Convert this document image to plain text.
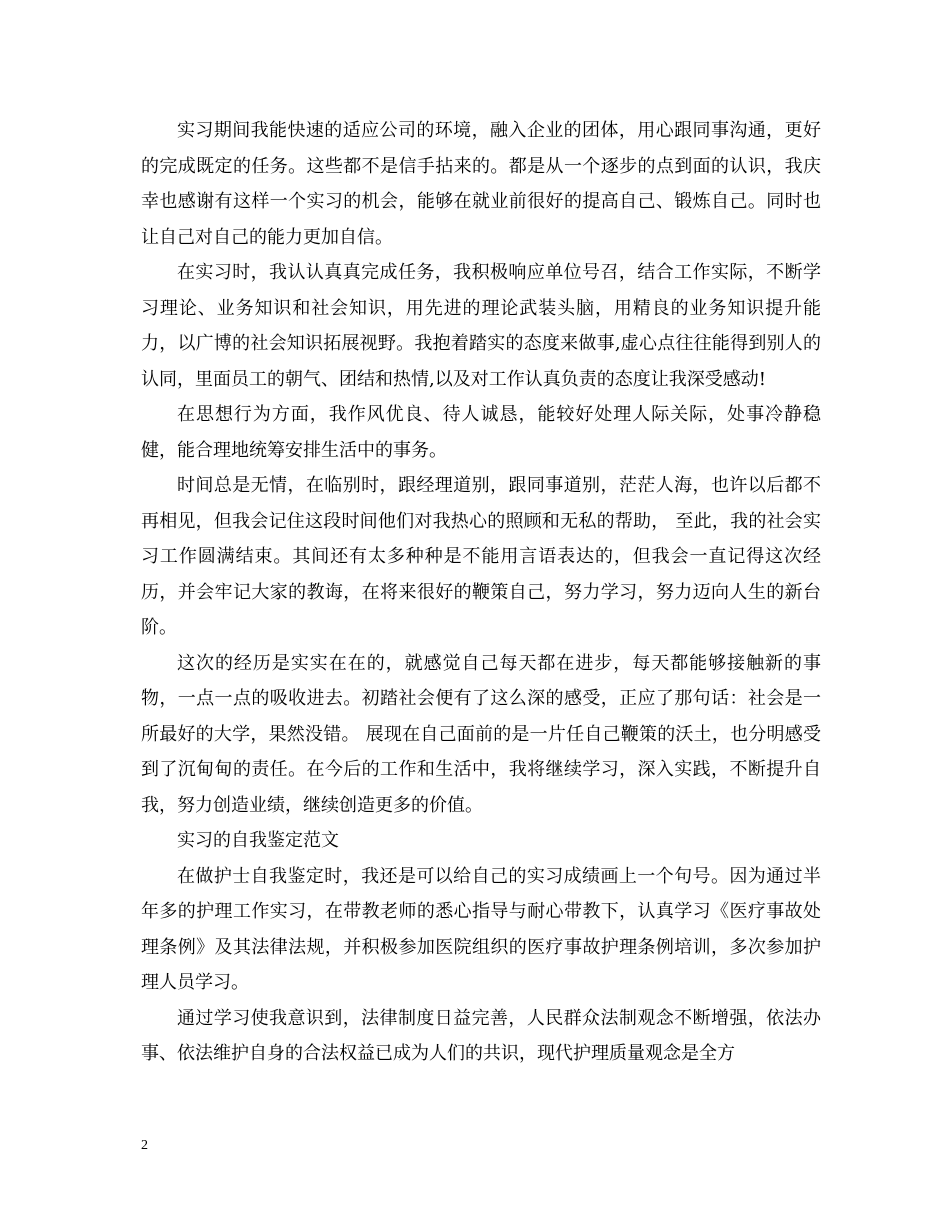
实习期间我能快速的适应公司的环境，融入企业的团体，用心跟同事沟通，更好的完成既定的任务。这些都不是信手拈来的。都是从一个逐步的点到面的认识，我庆幸也感谢有这样一个实习的机会，能够在就业前很好的提高自己、锻炼自己。同时也让自己对自己的能力更加自信。

在实习时，我认认真真完成任务，我积极响应单位号召，结合工作实际，不断学习理论、业务知识和社会知识，用先进的理论武装头脑，用精良的业务知识提升能力，以广博的社会知识拓展视野。我抱着踏实的态度来做事,虚心点往往能得到别人的认同，里面员工的朝气、团结和热情,以及对工作认真负责的态度让我深受感动!

在思想行为方面，我作风优良、待人诚恳，能较好处理人际关际，处事冷静稳健，能合理地统筹安排生活中的事务。

时间总是无情，在临别时，跟经理道别，跟同事道别，茫茫人海，也许以后都不再相见，但我会记住这段时间他们对我热心的照顾和无私的帮助， 至此，我的社会实习工作圆满结束。其间还有太多种种是不能用言语表达的，但我会一直记得这次经历，并会牢记大家的教诲，在将来很好的鞭策自己，努力学习，努力迈向人生的新台阶。

这次的经历是实实在在的，就感觉自己每天都在进步，每天都能够接触新的事物，一点一点的吸收进去。初踏社会便有了这么深的感受，正应了那句话：社会是一所最好的大学，果然没错。 展现在自己面前的是一片任自己鞭策的沃土，也分明感受到了沉甸甸的责任。在今后的工作和生活中，我将继续学习，深入实践，不断提升自我，努力创造业绩，继续创造更多的价值。

实习的自我鉴定范文

在做护士自我鉴定时，我还是可以给自己的实习成绩画上一个句号。因为通过半年多的护理工作实习，在带教老师的悉心指导与耐心带教下，认真学习《医疗事故处理条例》及其法律法规，并积极参加医院组织的医疗事故护理条例培训，多次参加护理人员学习。

通过学习使我意识到，法律制度日益完善，人民群众法制观念不断增强，依法办事、依法维护自身的合法权益已成为人们的共识，现代护理质量观念是全方

2
